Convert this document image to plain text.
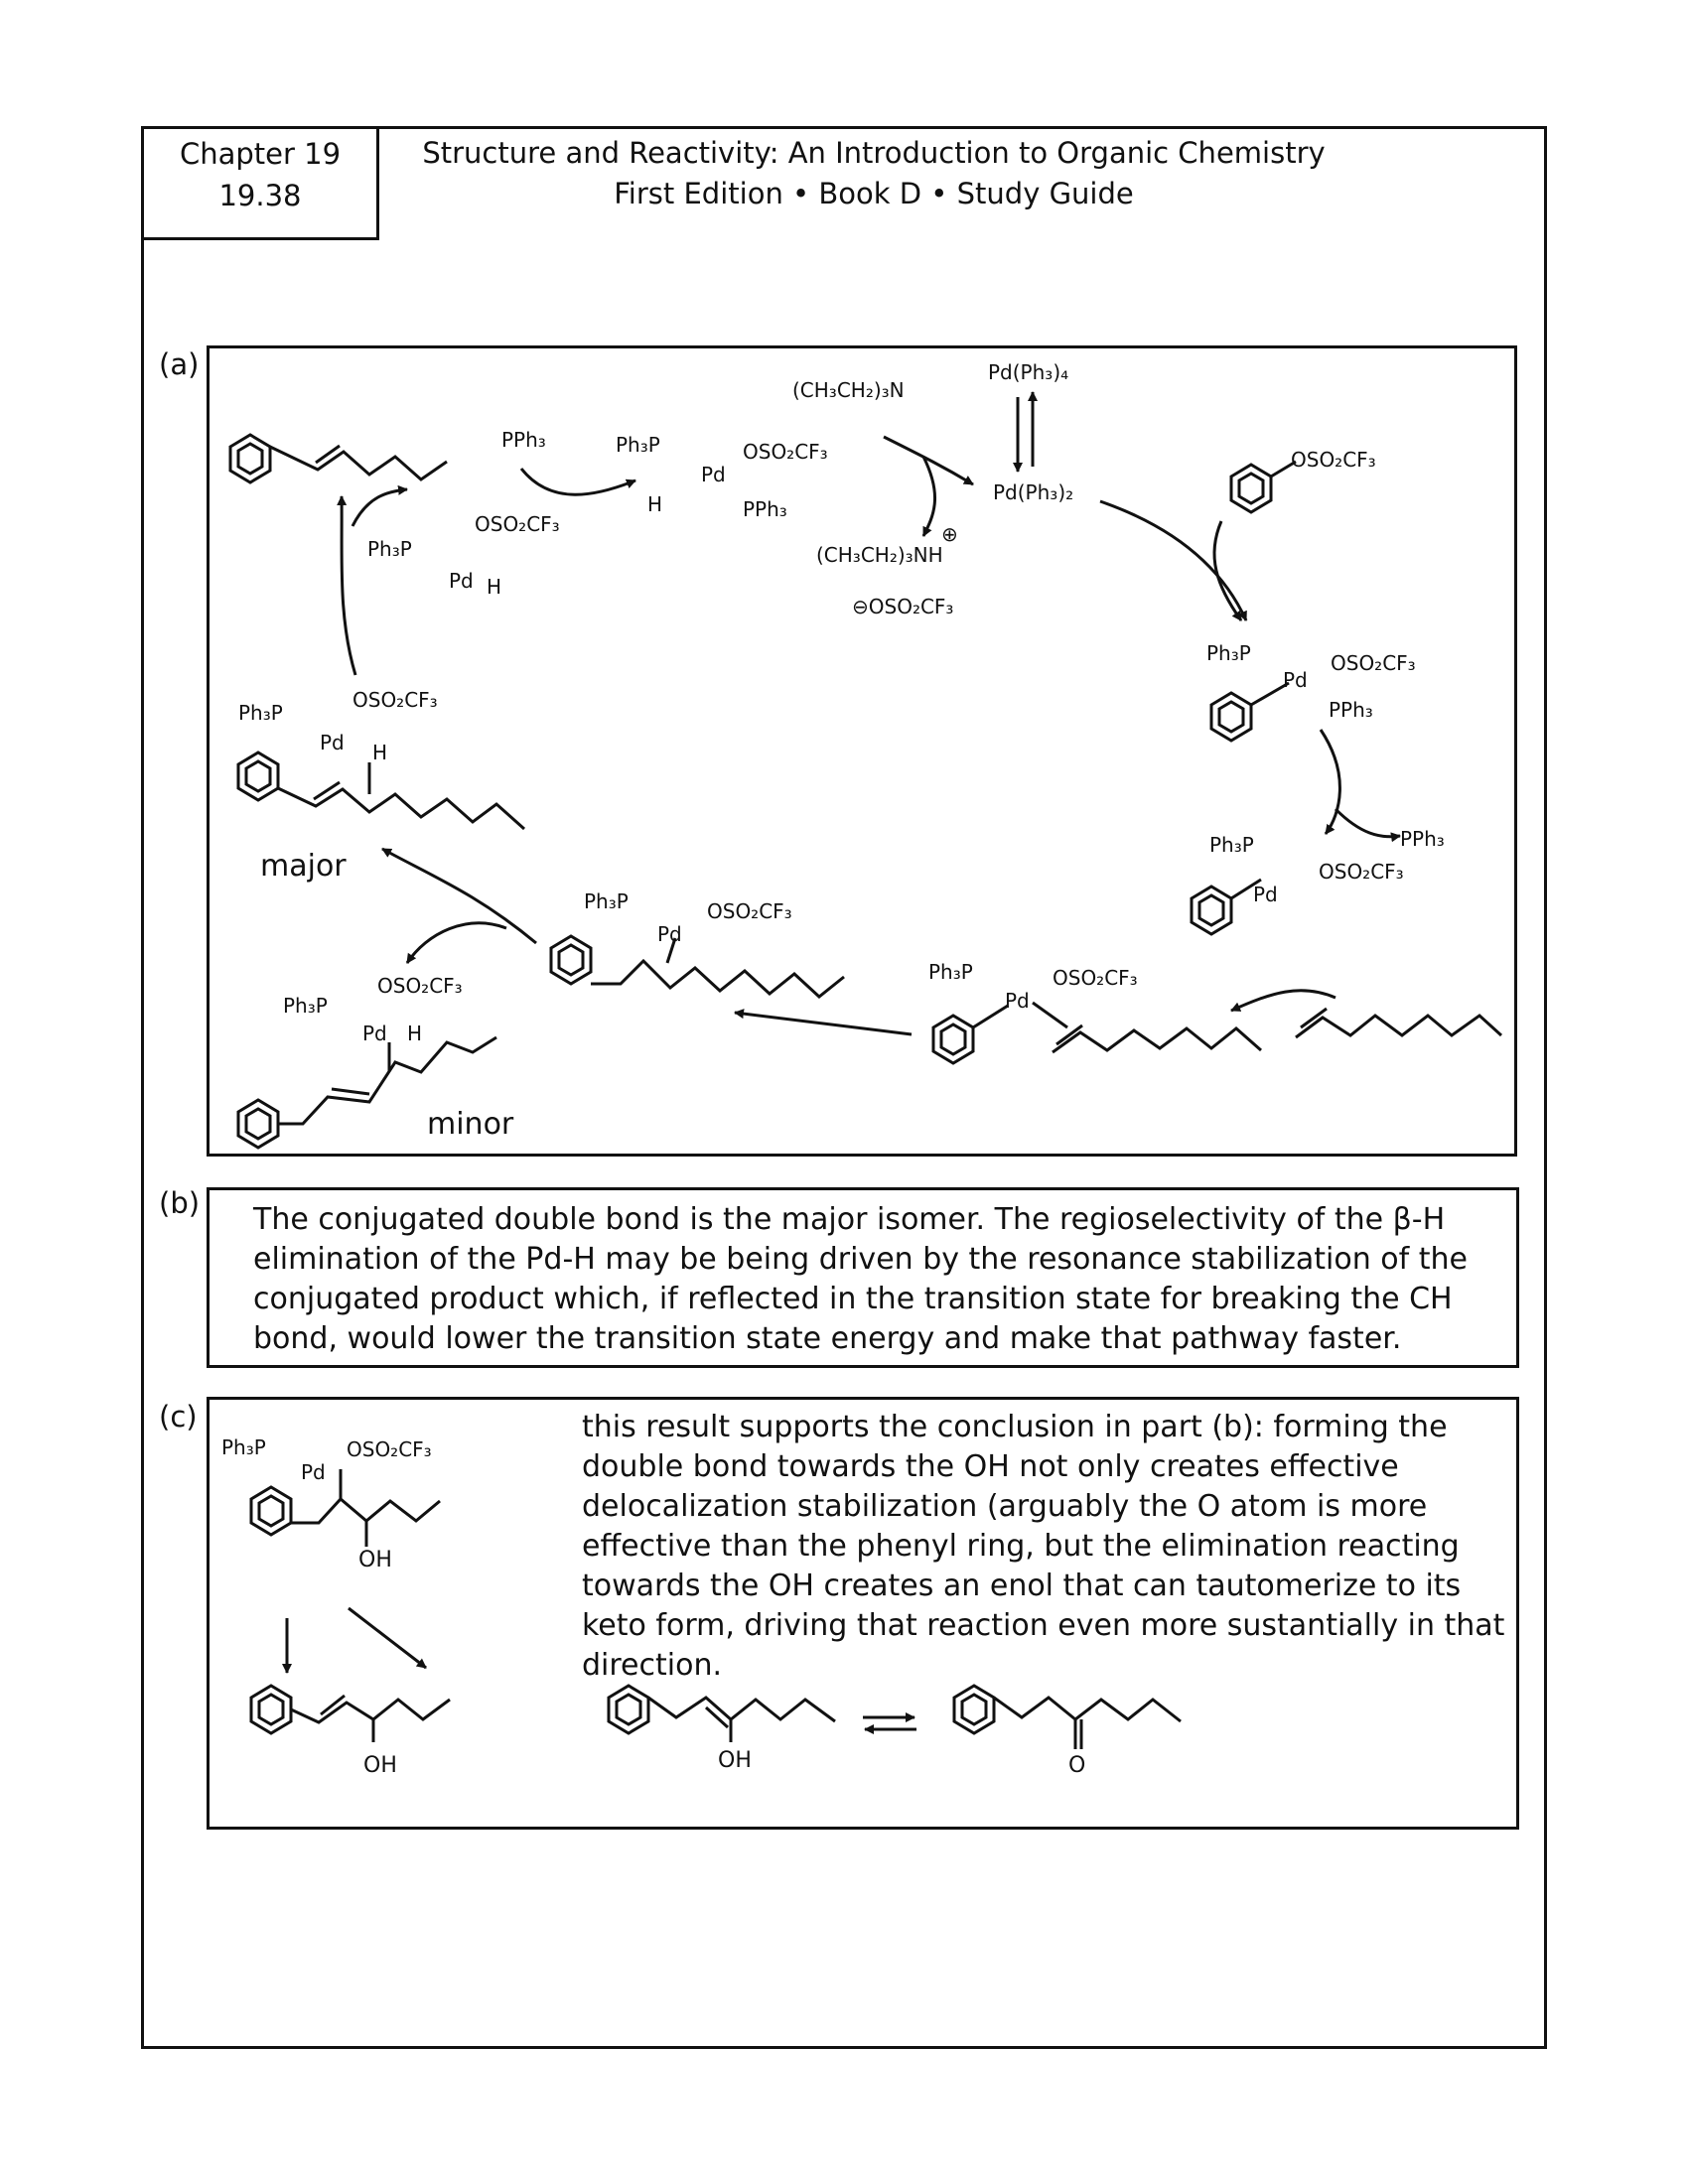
Chapter 19
19.38
Structure and Reactivity: An Introduction to Organic Chemistry
First Edition • Book D • Study Guide
(a)
PPh₃	Ph₃P
Pd
OSO₂CF₃
H	PPh₃
OSO₂CF₃
Ph₃P
Pd H
(CH₃CH₂)₃N
Pd(Ph₃)₄
Pd(Ph₃)₂
(CH₃CH₂)₃NH
⊕
⊖OSO₂CF₃
OSO₂CF₃
Ph₃P
Pd
OSO₂CF₃
PPh₃
PPh₃
Ph₃P
Pd
OSO₂CF₃
Ph₃P
Pd
OSO₂CF₃
Ph₃P
Pd
OSO₂CF₃
Ph₃P
Pd
OSO₂CF₃
H
OSO₂CF₃
Ph₃P
Pd H
major
minor
(b) The conjugated double bond is the major isomer. The regioselectivity of the β-H elimination of the Pd-H may be being driven by the resonance stabilization of the conjugated product which, if reflected in the transition state for breaking the CH bond, would lower the transition state energy and make that pathway faster.
(c)	this result supports the conclusion in part (b): forming the double bond towards the OH not only creates effective delocalization stabilization (arguably the O atom is more effective than the phenyl ring, but the elimination reacting towards the OH creates an enol that can tautomerize to its keto form, driving that reaction even more sustantially in that direction.
Ph₃P
Pd
OSO₂CF₃
OH
OH	OH	O
